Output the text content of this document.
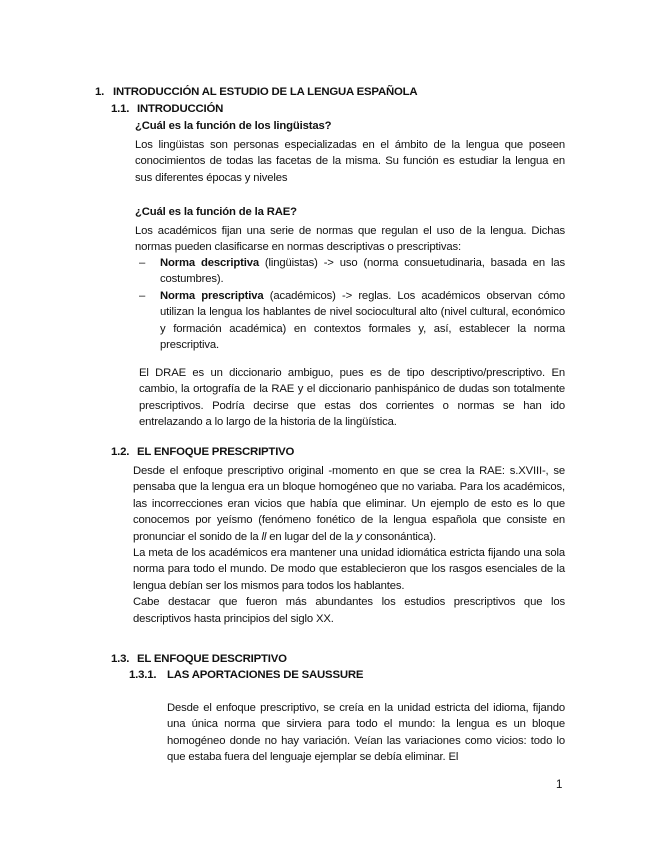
1. INTRODUCCIÓN AL ESTUDIO DE LA LENGUA ESPAÑOLA
1.1. INTRODUCCIÓN
¿Cuál es la función de los lingüistas?

Los lingüistas son personas especializadas en el ámbito de la lengua que poseen conocimientos de todas las facetas de la misma. Su función es estudiar la lengua en sus diferentes épocas y niveles

¿Cuál es la función de la RAE?

Los académicos fijan una serie de normas que regulan el uso de la lengua. Dichas normas pueden clasificarse en normas descriptivas o prescriptivas:

– Norma descriptiva (lingüistas) -> uso (norma consuetudinaria, basada en las costumbres).
– Norma prescriptiva (académicos) -> reglas. Los académicos observan cómo utilizan la lengua los hablantes de nivel sociocultural alto (nivel cultural, económico y formación académica) en contextos formales y, así, establecer la norma prescriptiva.

El DRAE es un diccionario ambiguo, pues es de tipo descriptivo/prescriptivo. En cambio, la ortografía de la RAE y el diccionario panhispánico de dudas son totalmente prescriptivos. Podría decirse que estas dos corrientes o normas se han ido entrelazando a lo largo de la historia de la lingüística.

1.2. EL ENFOQUE PRESCRIPTIVO

Desde el enfoque prescriptivo original -momento en que se crea la RAE: s.XVIII-, se pensaba que la lengua era un bloque homogéneo que no variaba. Para los académicos, las incorrecciones eran vicios que había que eliminar. Un ejemplo de esto es lo que conocemos por yeísmo (fenómeno fonético de la lengua española que consiste en pronunciar el sonido de la ll en lugar del de la y consonántica).

La meta de los académicos era mantener una unidad idiomática estricta fijando una sola norma para todo el mundo. De modo que establecieron que los rasgos esenciales de la lengua debían ser los mismos para todos los hablantes.

Cabe destacar que fueron más abundantes los estudios prescriptivos que los descriptivos hasta principios del siglo XX.

1.3. EL ENFOQUE DESCRIPTIVO
1.3.1. LAS APORTACIONES DE SAUSSURE

Desde el enfoque prescriptivo, se creía en la unidad estricta del idioma, fijando una única norma que sirviera para todo el mundo: la lengua es un bloque homogéneo donde no hay variación. Veían las variaciones como vicios: todo lo que estaba fuera del lenguaje ejemplar se debía eliminar. El

1
